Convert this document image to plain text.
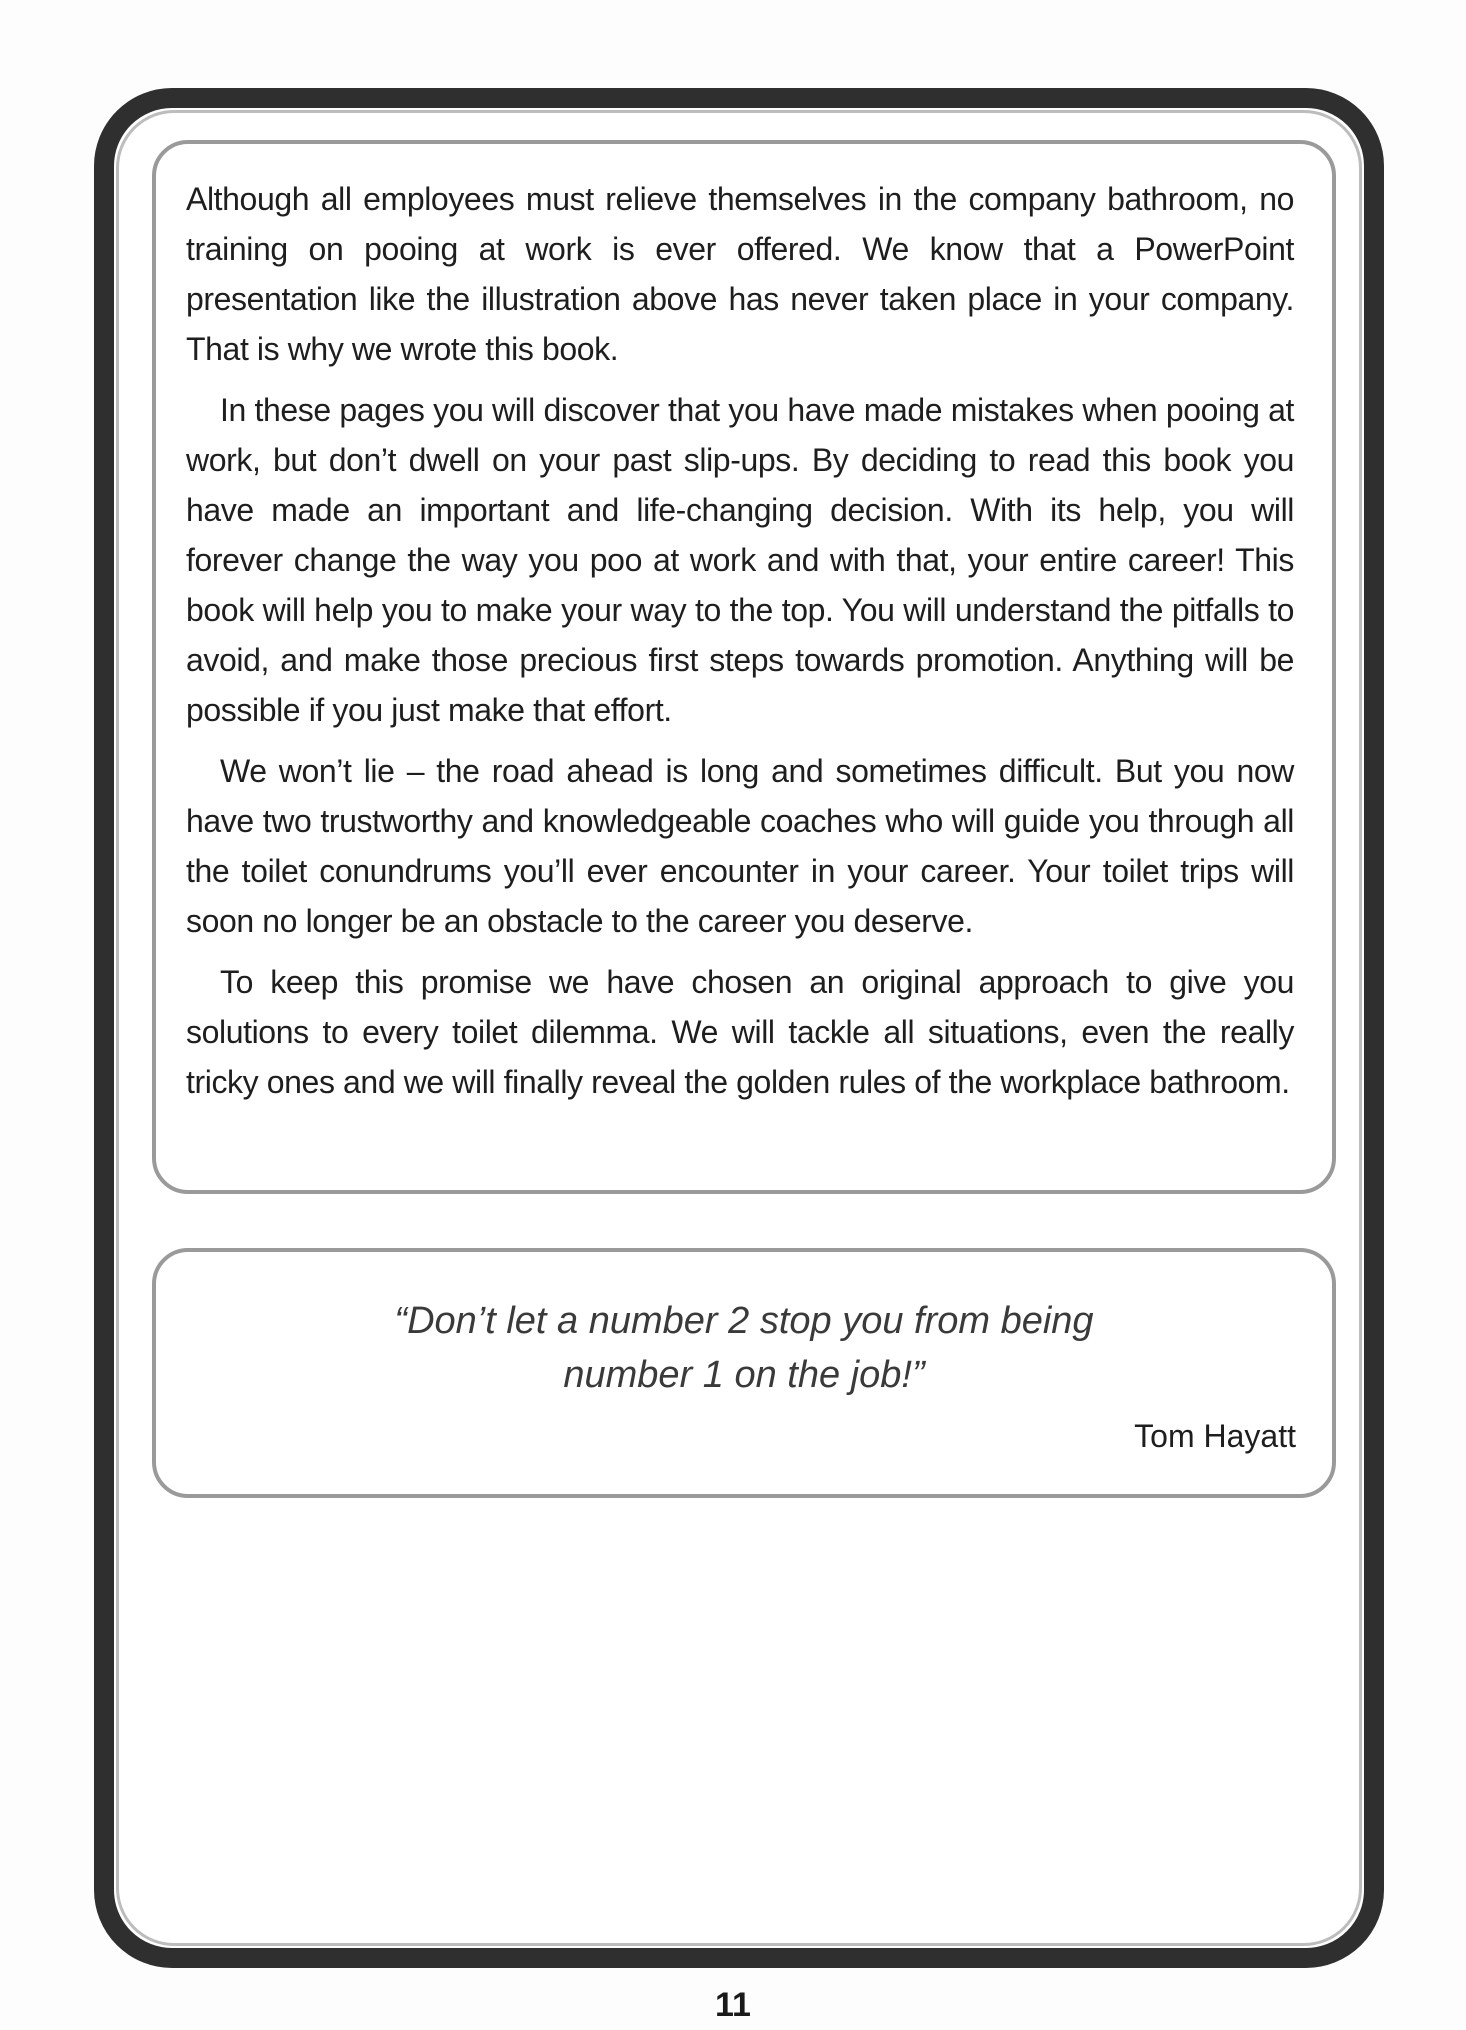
Although all employees must relieve themselves in the company bathroom, no training on pooing at work is ever offered. We know that a PowerPoint presentation like the illustration above has never taken place in your company. That is why we wrote this book.

In these pages you will discover that you have made mistakes when pooing at work, but don’t dwell on your past slip-ups. By deciding to read this book you have made an important and life-changing decision. With its help, you will forever change the way you poo at work and with that, your entire career! This book will help you to make your way to the top. You will understand the pitfalls to avoid, and make those precious first steps towards promotion. Anything will be possible if you just make that effort.

We won’t lie – the road ahead is long and sometimes difficult. But you now have two trustworthy and knowledgeable coaches who will guide you through all the toilet conundrums you’ll ever encounter in your career. Your toilet trips will soon no longer be an obstacle to the career you deserve.

To keep this promise we have chosen an original approach to give you solutions to every toilet dilemma. We will tackle all situations, even the really tricky ones and we will finally reveal the golden rules of the workplace bathroom.

“Don’t let a number 2 stop you from being number 1 on the job!”
Tom Hayatt
11
